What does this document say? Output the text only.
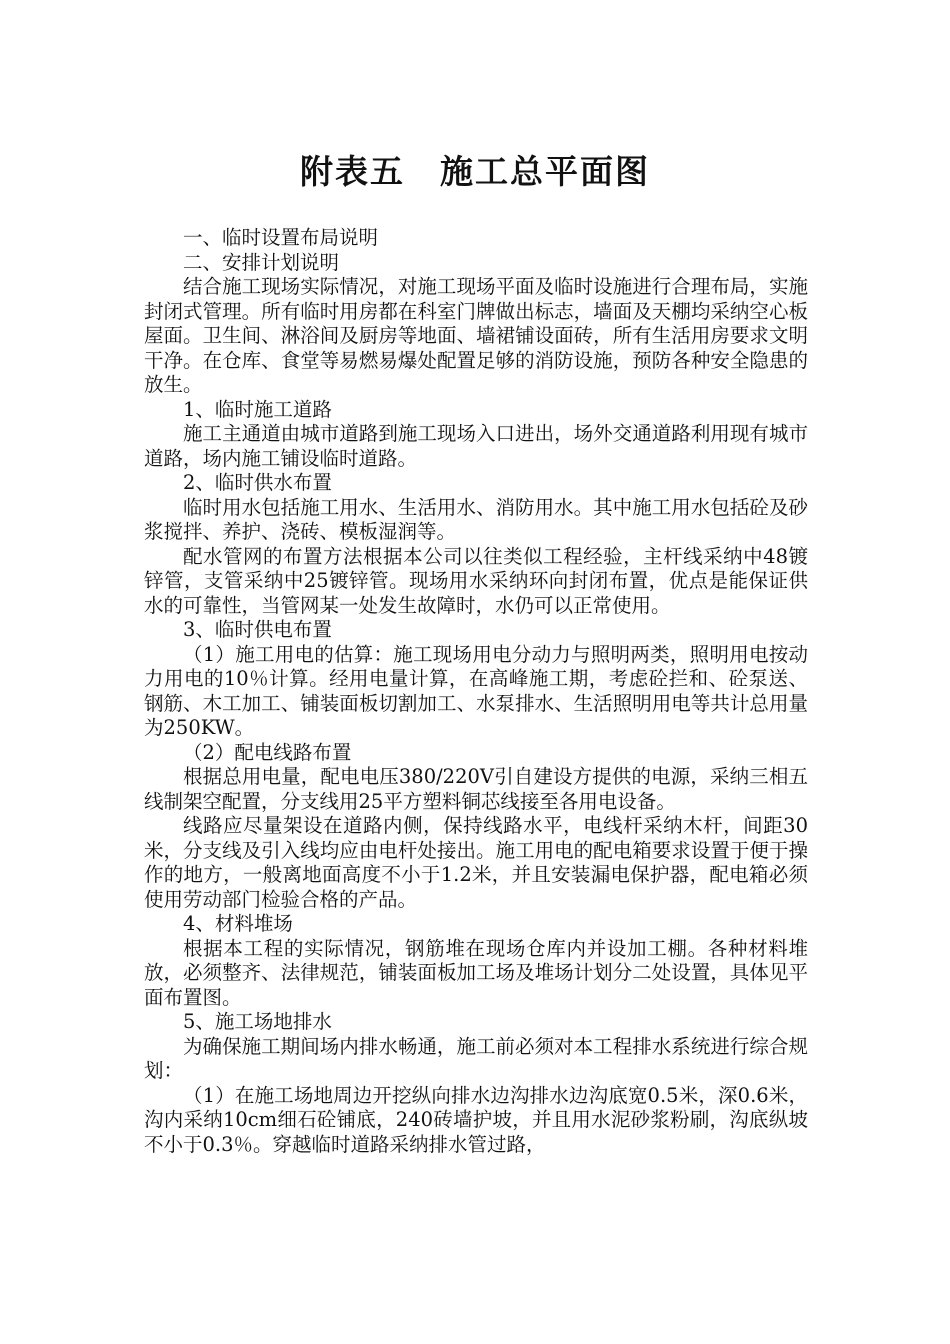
附表五　施工总平面图

一、临时设置布局说明

二、安排计划说明

结合施工现场实际情况，对施工现场平面及临时设施进行合理布局，实施封闭式管理。所有临时用房都在科室门牌做出标志，墙面及天棚均采纳空心板屋面。卫生间、淋浴间及厨房等地面、墙裙铺设面砖，所有生活用房要求文明干净。在仓库、食堂等易燃易爆处配置足够的消防设施，预防各种安全隐患的放生。

1、临时施工道路

施工主通道由城市道路到施工现场入口进出，场外交通道路利用现有城市道路，场内施工铺设临时道路。

2、临时供水布置

临时用水包括施工用水、生活用水、消防用水。其中施工用水包括砼及砂浆搅拌、养护、浇砖、模板湿润等。

配水管网的布置方法根据本公司以往类似工程经验，主杆线采纳中48镀锌管，支管采纳中25镀锌管。现场用水采纳环向封闭布置，优点是能保证供水的可靠性，当管网某一处发生故障时，水仍可以正常使用。

3、临时供电布置

（1）施工用电的估算：施工现场用电分动力与照明两类，照明用电按动力用电的10％计算。经用电量计算，在高峰施工期，考虑砼拦和、砼泵送、钢筋、木工加工、铺装面板切割加工、水泵排水、生活照明用电等共计总用量为250KW。

（2）配电线路布置

根据总用电量，配电电压380/220V引自建设方提供的电源，采纳三相五线制架空配置，分支线用25平方塑料铜芯线接至各用电设备。

线路应尽量架设在道路内侧，保持线路水平，电线杆采纳木杆，间距30米，分支线及引入线均应由电杆处接出。施工用电的配电箱要求设置于便于操作的地方，一般离地面高度不小于1.2米，并且安装漏电保护器，配电箱必须使用劳动部门检验合格的产品。

4、材料堆场

根据本工程的实际情况，钢筋堆在现场仓库内并设加工棚。各种材料堆放，必须整齐、法律规范，铺装面板加工场及堆场计划分二处设置，具体见平面布置图。

5、施工场地排水

为确保施工期间场内排水畅通，施工前必须对本工程排水系统进行综合规划：

（1）在施工场地周边开挖纵向排水边沟排水边沟底宽0.5米，深0.6米，沟内采纳10cm细石砼铺底，240砖墙护坡，并且用水泥砂浆粉刷，沟底纵坡不小于0.3％。穿越临时道路采纳排水管过路，
